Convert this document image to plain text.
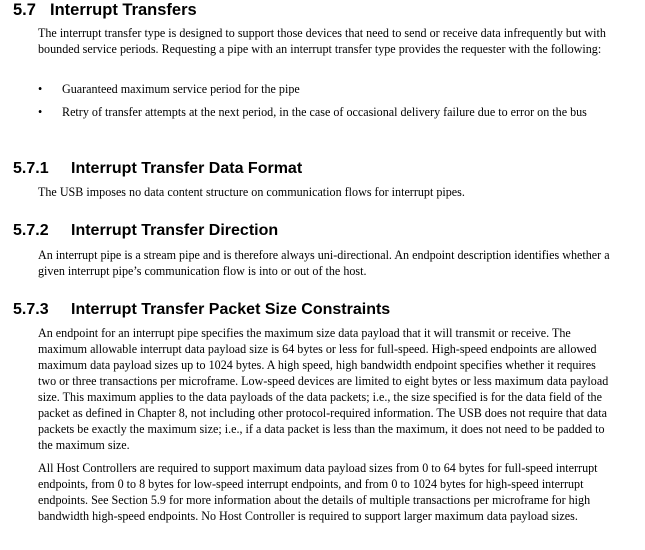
5.7 Interrupt Transfers

The interrupt transfer type is designed to support those devices that need to send or receive data infrequently but with bounded service periods. Requesting a pipe with an interrupt transfer type provides the requester with the following:

•	Guaranteed maximum service period for the pipe
•	Retry of transfer attempts at the next period, in the case of occasional delivery failure due to error on the bus
5.7.1 Interrupt Transfer Data Format

The USB imposes no data content structure on communication flows for interrupt pipes.

5.7.2 Interrupt Transfer Direction

An interrupt pipe is a stream pipe and is therefore always uni-directional. An endpoint description identifies whether a given interrupt pipe’s communication flow is into or out of the host.

5.7.3 Interrupt Transfer Packet Size Constraints

An endpoint for an interrupt pipe specifies the maximum size data payload that it will transmit or receive. The maximum allowable interrupt data payload size is 64 bytes or less for full-speed. High-speed endpoints are allowed maximum data payload sizes up to 1024 bytes. A high speed, high bandwidth endpoint specifies whether it requires two or three transactions per microframe. Low-speed devices are limited to eight bytes or less maximum data payload size. This maximum applies to the data payloads of the data packets; i.e., the size specified is for the data field of the packet as defined in Chapter 8, not including other protocol-required information. The USB does not require that data packets be exactly the maximum size; i.e., if a data packet is less than the maximum, it does not need to be padded to the maximum size.

All Host Controllers are required to support maximum data payload sizes from 0 to 64 bytes for full-speed interrupt endpoints, from 0 to 8 bytes for low-speed interrupt endpoints, and from 0 to 1024 bytes for high-speed interrupt endpoints. See Section 5.9 for more information about the details of multiple transactions per microframe for high bandwidth high-speed endpoints. No Host Controller is required to support larger maximum data payload sizes.
